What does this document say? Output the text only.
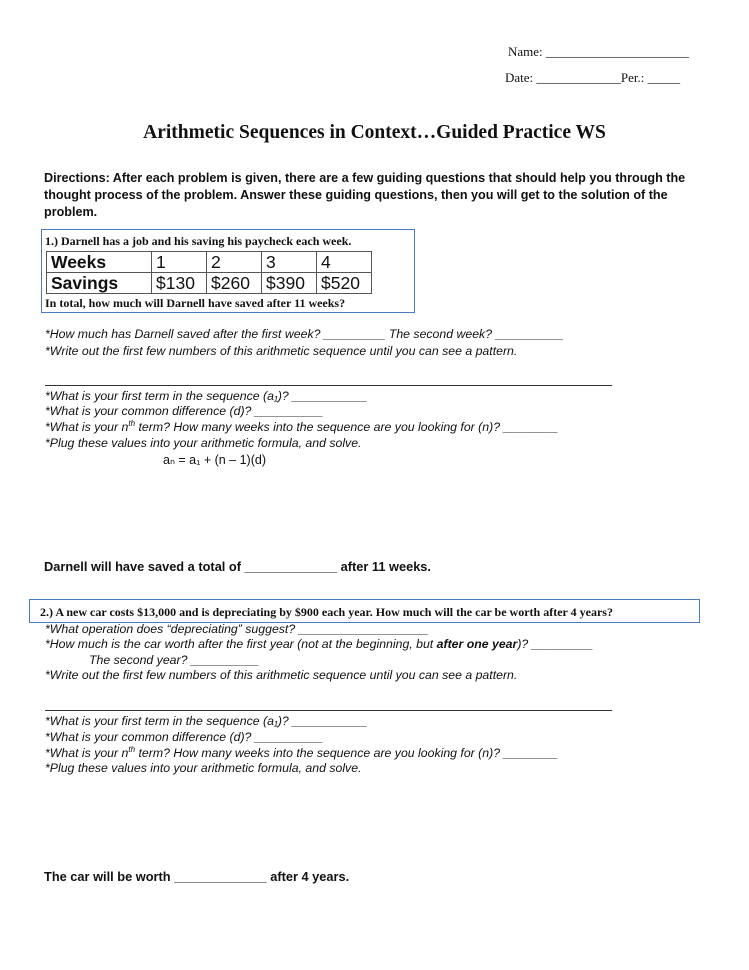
Name: ______________________
Date: _____________Per.: _____
Arithmetic Sequences in Context…Guided Practice WS
Directions: After each problem is given, there are a few guiding questions that should help you through the thought process of the problem. Answer these guiding questions, then you will get to the solution of the problem.
1.) Darnell has a job and his saving his paycheck each week.
Weeks	1	2	3	4
Savings	$130	$260	$390	$520
In total, how much will Darnell have saved after 11 weeks?
*How much has Darnell saved after the first week? _________ The second week? __________
*Write out the first few numbers of this arithmetic sequence until you can see a pattern.
*What is your first term in the sequence (a₁)? ___________
*What is your common difference (d)? __________
*What is your $n^{th}$ term? How many weeks into the sequence are you looking for (n)? ________
*Plug these values into your arithmetic formula, and solve.
aₙ = a₁ + (n – 1)(d)
Darnell will have saved a total of _____________ after 11 weeks.
2.) A new car costs $13,000 and is depreciating by $900 each year. How much will the car be worth after 4 years?
*What operation does “depreciating” suggest? ___________________
*How much is the car worth after the first year (not at the beginning, but after one year)? _________
The second year? __________
*Write out the first few numbers of this arithmetic sequence until you can see a pattern.
*What is your first term in the sequence (a₁)? ___________
*What is your common difference (d)? __________
*What is your $n^{th}$ term? How many weeks into the sequence are you looking for (n)? ________
*Plug these values into your arithmetic formula, and solve.
The car will be worth _____________ after 4 years.
